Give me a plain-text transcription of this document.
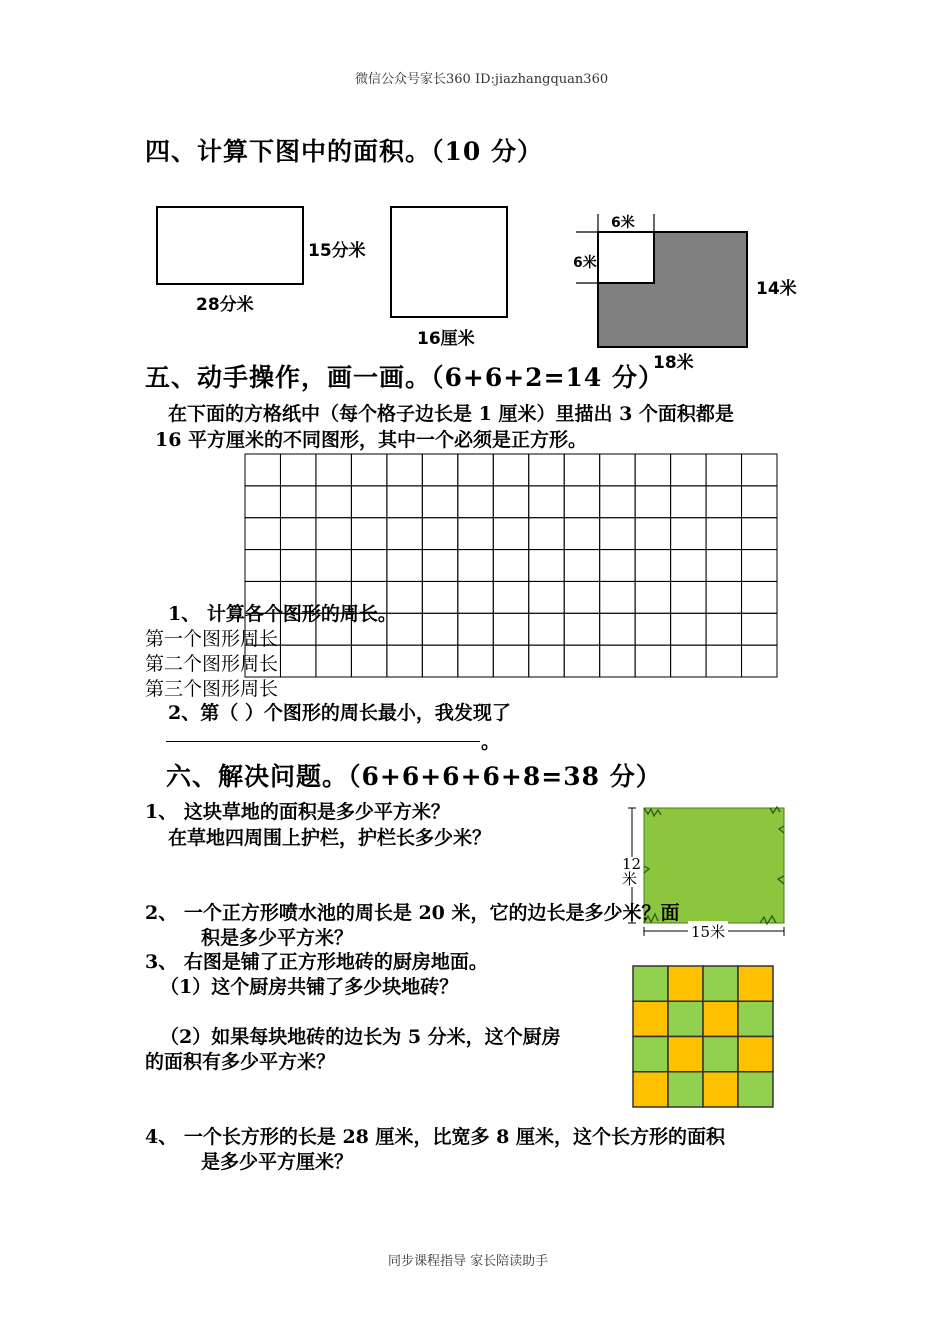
微信公众号家长360 ID:jiazhangquan360
四、计算下图中的面积。（10 分）
15分米
28分米
16厘米
6米
6米
14米
18米
五、动手操作，画一画。（6+6+2=14 分）
在下面的方格纸中（每个格子边长是 1 厘米）里描出 3 个面积都是
16 平方厘米的不同图形，其中一个必须是正方形。
1、 计算各个图形的周长。
第一个图形周长
第二个图形周长
第三个图形周长
2、第（ ）个图形的周长最小，我发现了
。
六、解决问题。（6+6+6+6+8=38 分）
1、 这块草地的面积是多少平方米？
在草地四周围上护栏，护栏长多少米？
12米
15米
2、 一个正方形喷水池的周长是 20 米，它的边长是多少米？面
积是多少平方米？
3、 右图是铺了正方形地砖的厨房地面。
（1）这个厨房共铺了多少块地砖？
（2）如果每块地砖的边长为 5 分米，这个厨房
的面积有多少平方米？
4、 一个长方形的长是 28 厘米，比宽多 8 厘米，这个长方形的面积
是多少平方厘米？
同步课程指导 家长陪读助手
